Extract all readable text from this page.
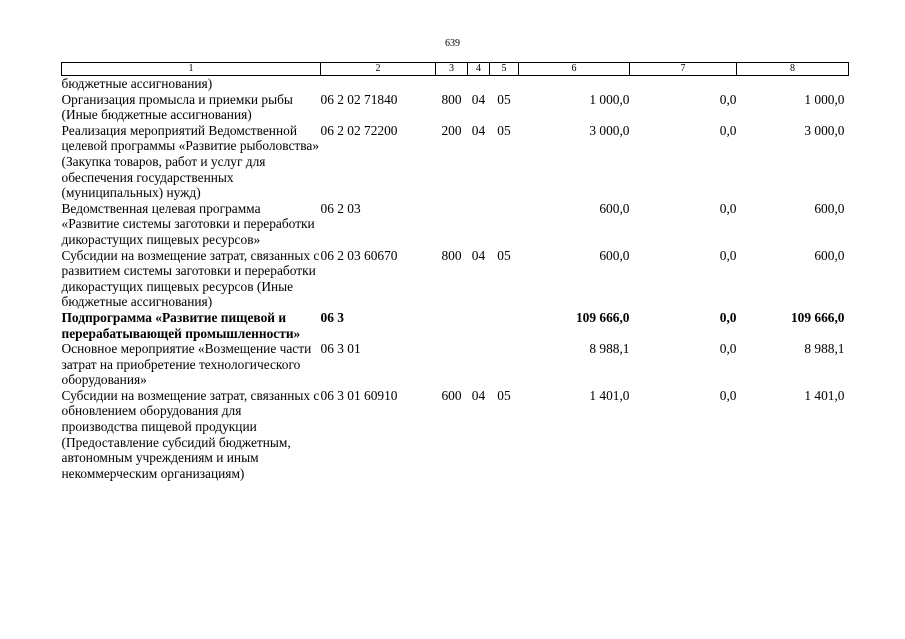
639
1	2	3	4	5	6	7	8
бюджетные ассигнования)							
Организация промысла и приемки рыбы (Иные бюджетные ассигнования)	06 2 02 71840	800	04	05	1 000,0	0,0	1 000,0
Реализация мероприятий Ведомственной целевой программы «Развитие рыболовства» (Закупка товаров, работ и услуг для обеспечения государственных (муниципальных) нужд)	06 2 02 72200	200	04	05	3 000,0	0,0	3 000,0
Ведомственная целевая программа «Развитие системы заготовки и переработки дикорастущих пищевых ресурсов»	06 2 03				600,0	0,0	600,0
Субсидии на возмещение затрат, связанных с развитием системы заготовки и переработки дикорастущих пищевых ресурсов (Иные бюджетные ассигнования)	06 2 03 60670	800	04	05	600,0	0,0	600,0
Подпрограмма «Развитие пищевой и перерабатывающей промышленности»	06 3				109 666,0	0,0	109 666,0
Основное мероприятие «Возмещение части затрат на приобретение технологического оборудования»	06 3 01				8 988,1	0,0	8 988,1
Субсидии на возмещение затрат, связанных с обновлением оборудования для производства пищевой продукции (Предоставление субсидий бюджетным, автономным учреждениям и иным некоммерческим организациям)	06 3 01 60910	600	04	05	1 401,0	0,0	1 401,0
